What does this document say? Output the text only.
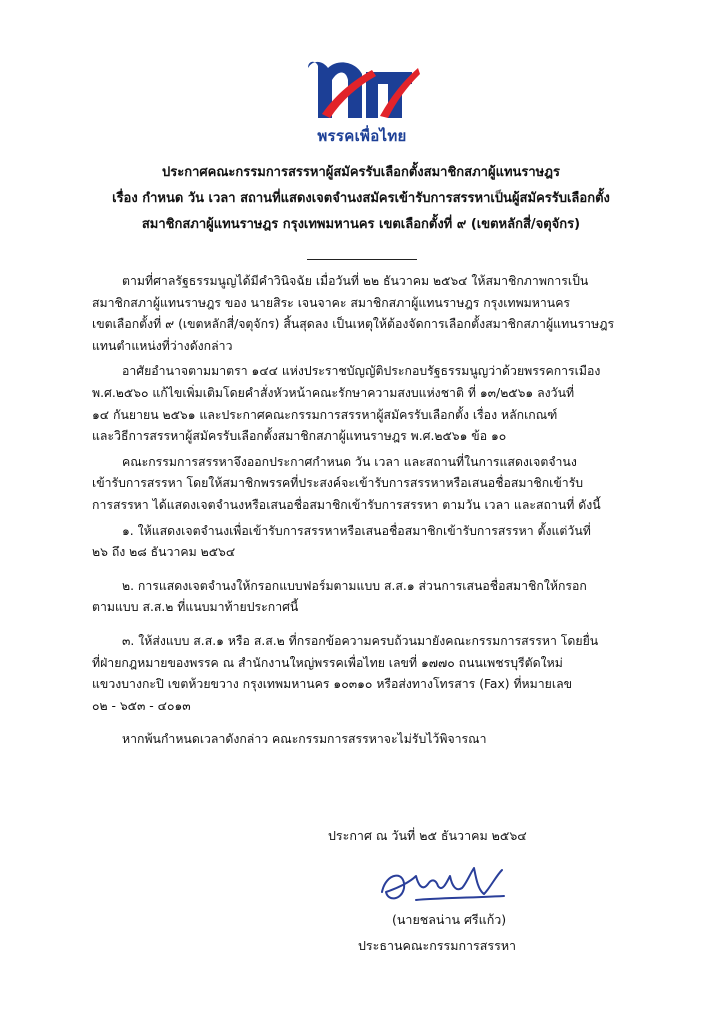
พรรคเพื่อไทย
ประกาศคณะกรรมการสรรหาผู้สมัครรับเลือกตั้งสมาชิกสภาผู้แทนราษฎร
เรื่อง กำหนด วัน เวลา สถานที่แสดงเจตจำนงสมัครเข้ารับการสรรหาเป็นผู้สมัครรับเลือกตั้ง
สมาชิกสภาผู้แทนราษฎร กรุงเทพมหานคร เขตเลือกตั้งที่ ๙ (เขตหลักสี่/จตุจักร)
ตามที่ศาลรัฐธรรมนูญได้มีคำวินิจฉัย เมื่อวันที่ ๒๒ ธันวาคม ๒๕๖๔ ให้สมาชิกภาพการเป็น
สมาชิกสภาผู้แทนราษฎร ของ นายสิระ เจนจาคะ สมาชิกสภาผู้แทนราษฎร กรุงเทพมหานคร
เขตเลือกตั้งที่ ๙ (เขตหลักสี่/จตุจักร) สิ้นสุดลง เป็นเหตุให้ต้องจัดการเลือกตั้งสมาชิกสภาผู้แทนราษฎร
แทนตำแหน่งที่ว่างดังกล่าว
อาศัยอำนาจตามมาตรา ๑๔๔ แห่งประราชบัญญัติประกอบรัฐธรรมนูญว่าด้วยพรรคการเมือง
พ.ศ.๒๕๖๐ แก้ไขเพิ่มเติมโดยคำสั่งหัวหน้าคณะรักษาความสงบแห่งชาติ ที่ ๑๓/๒๕๖๑ ลงวันที่
๑๔ กันยายน ๒๕๖๑ และประกาศคณะกรรมการสรรหาผู้สมัครรับเลือกตั้ง เรื่อง หลักเกณฑ์
และวิธีการสรรหาผู้สมัครรับเลือกตั้งสมาชิกสภาผู้แทนราษฎร พ.ศ.๒๕๖๑ ข้อ ๑๐
คณะกรรมการสรรหาจึงออกประกาศกำหนด วัน เวลา และสถานที่ในการแสดงเจตจำนง
เข้ารับการสรรหา โดยให้สมาชิกพรรคที่ประสงค์จะเข้ารับการสรรหาหรือเสนอชื่อสมาชิกเข้ารับ
การสรรหา ได้แสดงเจตจำนงหรือเสนอชื่อสมาชิกเข้ารับการสรรหา ตามวัน เวลา และสถานที่ ดังนี้
๑. ให้แสดงเจตจำนงเพื่อเข้ารับการสรรหาหรือเสนอชื่อสมาชิกเข้ารับการสรรหา ตั้งแต่วันที่
๒๖ ถึง ๒๘ ธันวาคม ๒๕๖๔
๒. การแสดงเจตจำนงให้กรอกแบบฟอร์มตามแบบ ส.ส.๑ ส่วนการเสนอชื่อสมาชิกให้กรอก
ตามแบบ ส.ส.๒ ที่แนบมาท้ายประกาศนี้
๓. ให้ส่งแบบ ส.ส.๑ หรือ ส.ส.๒ ที่กรอกข้อความครบถ้วนมายังคณะกรรมการสรรหา โดยยื่น
ที่ฝ่ายกฎหมายของพรรค ณ สำนักงานใหญ่พรรคเพื่อไทย เลขที่ ๑๗๗๐ ถนนเพชรบุรีตัดใหม่
แขวงบางกะปิ เขตห้วยขวาง กรุงเทพมหานคร ๑๐๓๑๐ หรือส่งทางโทรสาร (Fax) ที่หมายเลข
๐๒ - ๖๕๓ - ๔๐๑๓
หากพ้นกำหนดเวลาดังกล่าว คณะกรรมการสรรหาจะไม่รับไว้พิจารณา
ประกาศ ณ วันที่ ๒๕ ธันวาคม ๒๕๖๔
(นายชลน่าน ศรีแก้ว)
ประธานคณะกรรมการสรรหา
